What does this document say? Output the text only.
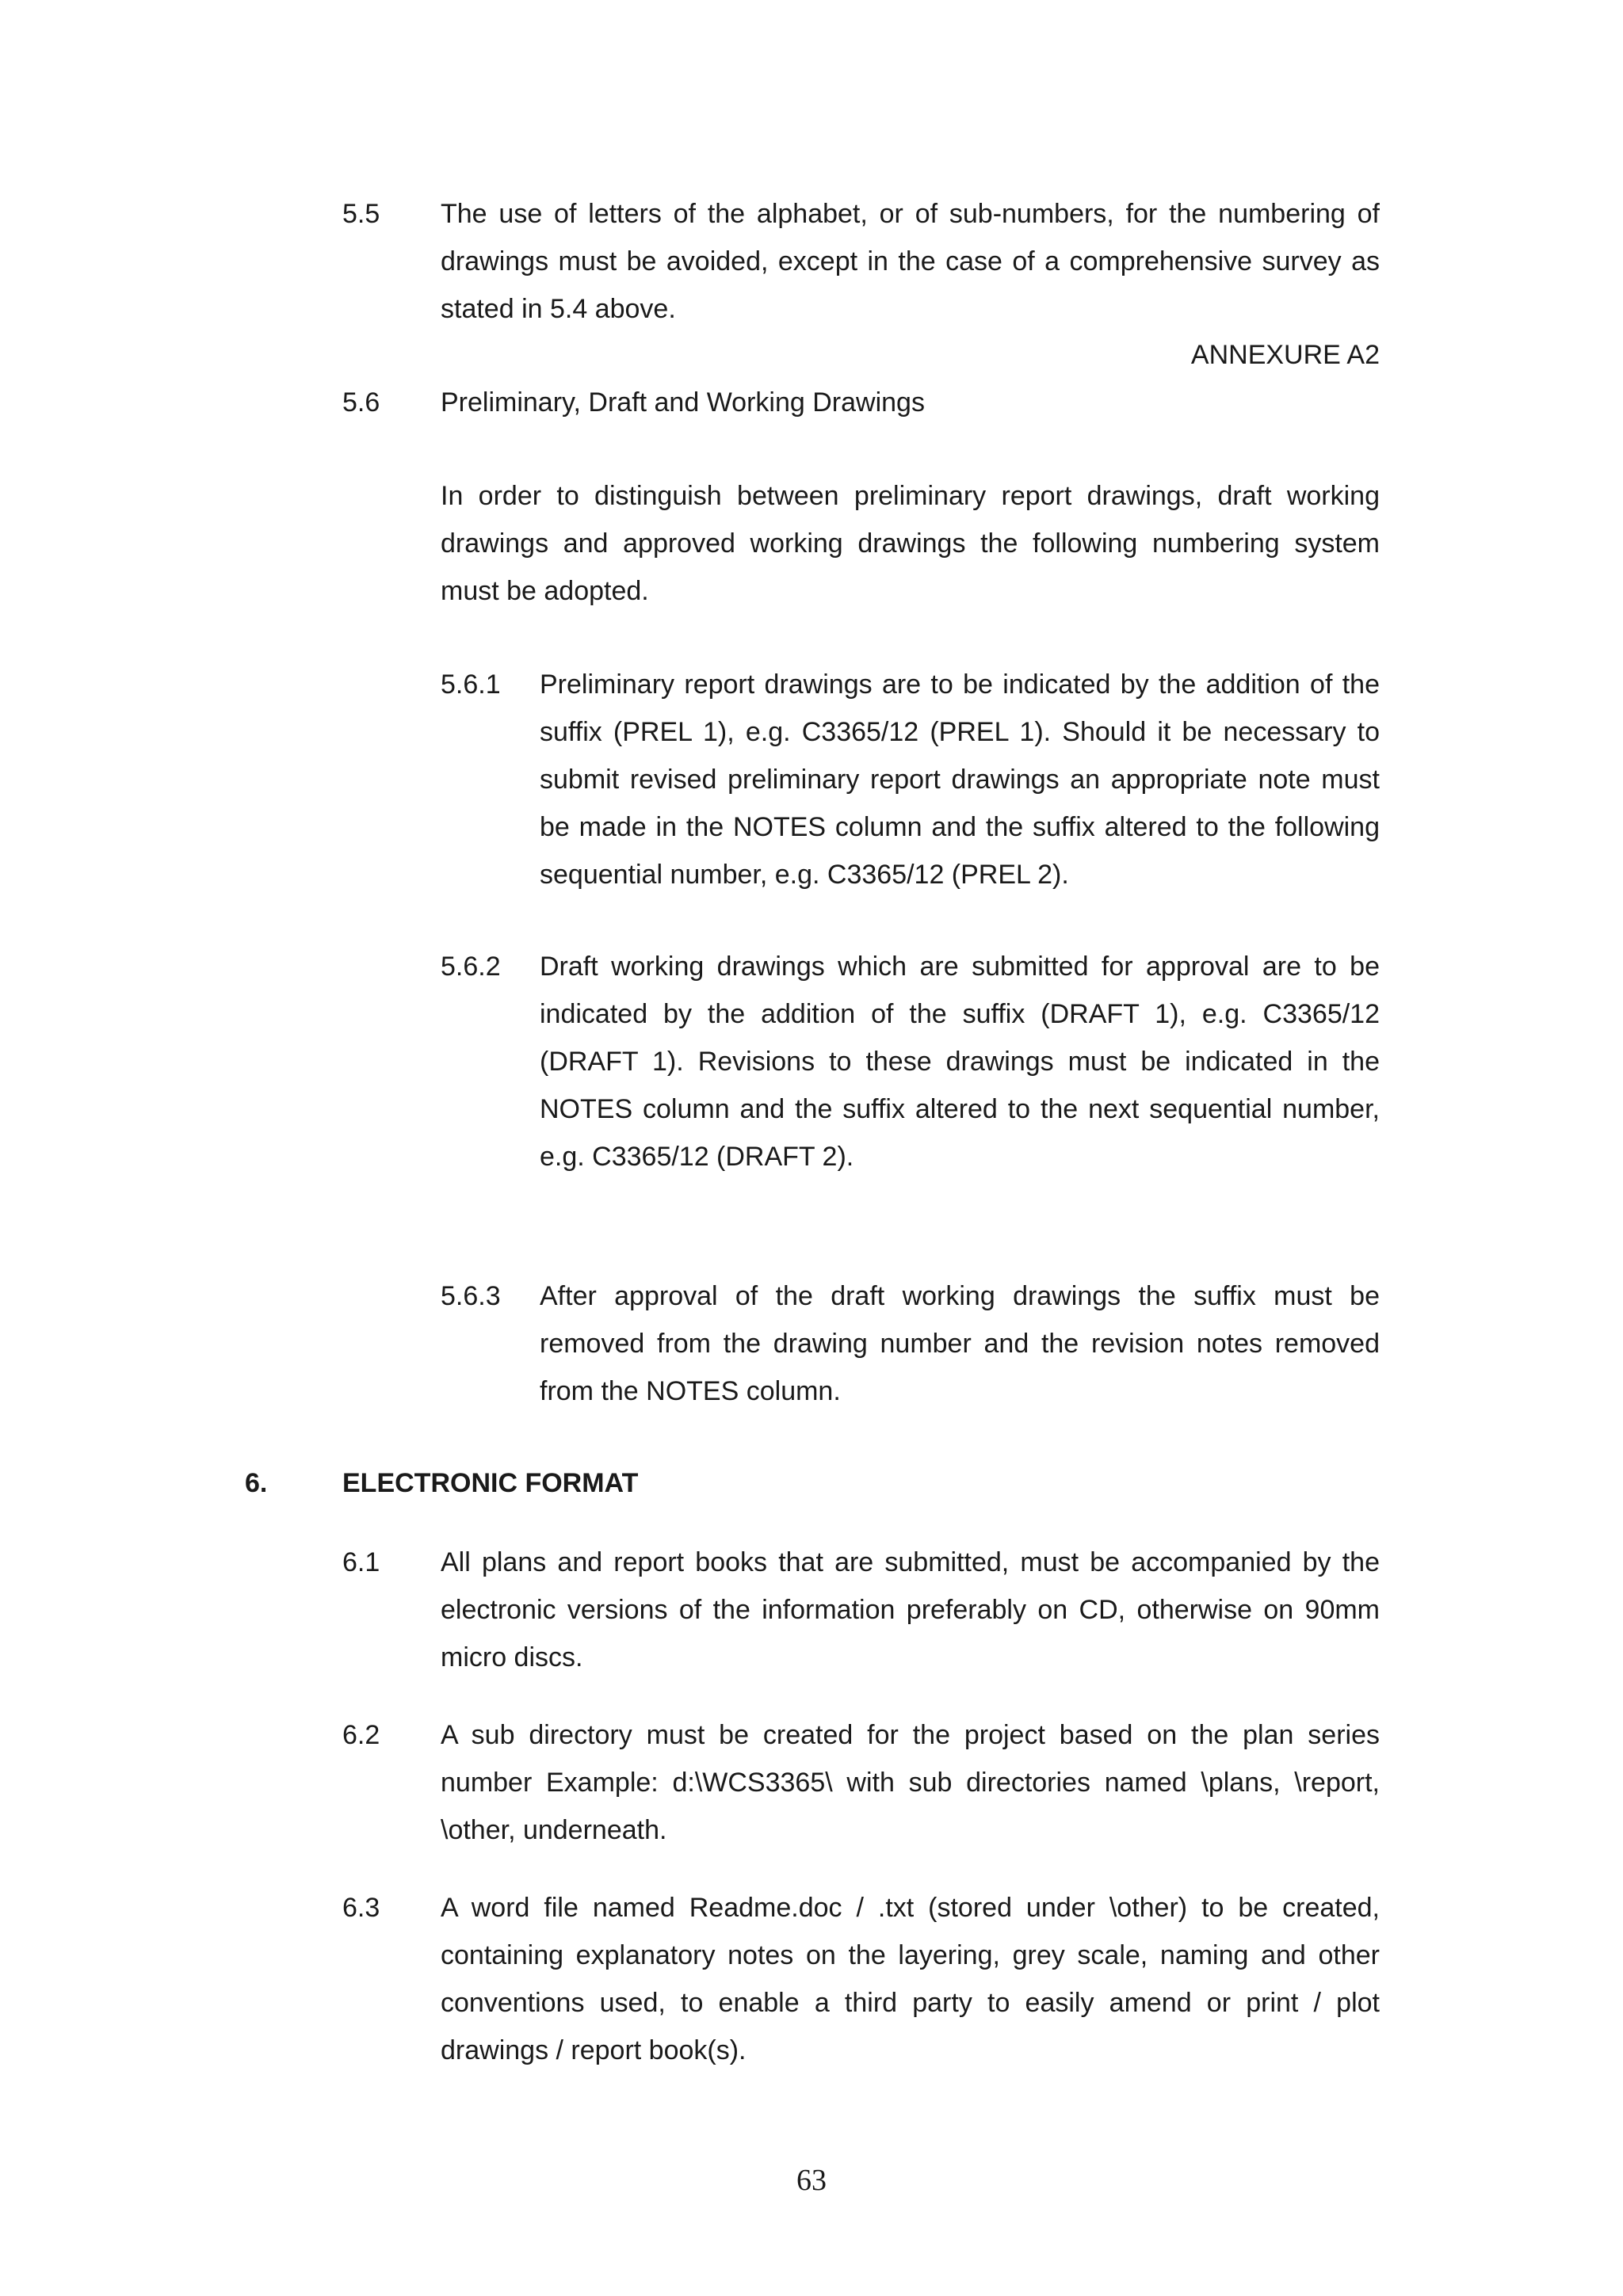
5.5 The use of letters of the alphabet, or of sub-numbers, for the numbering of drawings must be avoided, except in the case of a comprehensive survey as stated in 5.4 above.
ANNEXURE A2
5.6 Preliminary, Draft and Working Drawings
In order to distinguish between preliminary report drawings, draft working drawings and approved working drawings the following numbering system must be adopted.
5.6.1 Preliminary report drawings are to be indicated by the addition of the suffix (PREL 1), e.g. C3365/12 (PREL 1). Should it be necessary to submit revised preliminary report drawings an appropriate note must be made in the NOTES column and the suffix altered to the following sequential number, e.g. C3365/12 (PREL 2).
5.6.2 Draft working drawings which are submitted for approval are to be indicated by the addition of the suffix (DRAFT 1), e.g. C3365/12 (DRAFT 1). Revisions to these drawings must be indicated in the NOTES column and the suffix altered to the next sequential number, e.g. C3365/12 (DRAFT 2).
5.6.3 After approval of the draft working drawings the suffix must be removed from the drawing number and the revision notes removed from the NOTES column.
6.	ELECTRONIC FORMAT
6.1 All plans and report books that are submitted, must be accompanied by the electronic versions of the information preferably on CD, otherwise on 90mm micro discs.
6.2 A sub directory must be created for the project based on the plan series number Example: d:\WCS3365\ with sub directories named \plans, \report, \other, underneath.
6.3 A word file named Readme.doc / .txt (stored under \other) to be created, containing explanatory notes on the layering, grey scale, naming and other conventions used, to enable a third party to easily amend or print / plot drawings / report book(s).
63
